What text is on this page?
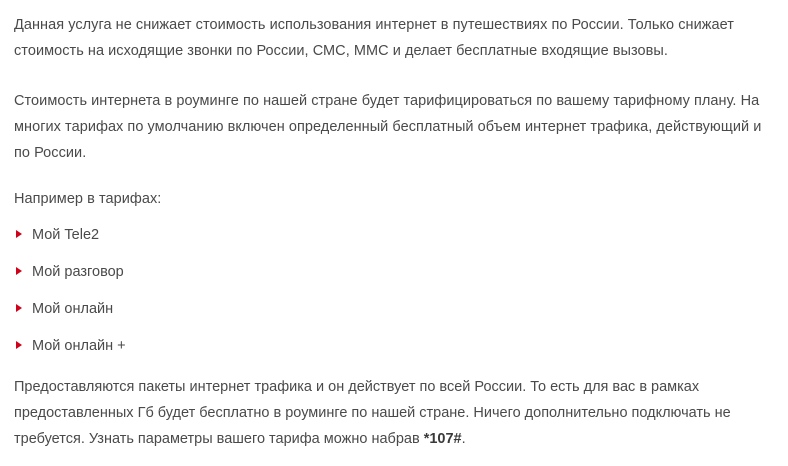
Данная услуга не снижает стоимость использования интернет в путешествиях по России. Только снижает стоимость на исходящие звонки по России, СМС, ММС и делает бесплатные входящие вызовы.

Стоимость интернета в роуминге по нашей стране будет тарифицироваться по вашему тарифному плану. На многих тарифах по умолчанию включен определенный бесплатный объем интернет трафика, действующий и по России.

Например в тарифах:

Мой Tele2
Мой разговор
Мой онлайн
Мой онлайн +

Предоставляются пакеты интернет трафика и он действует по всей России. То есть для вас в рамках предоставленных Гб будет бесплатно в роуминге по нашей стране. Ничего дополнительно подключать не требуется. Узнать параметры вашего тарифа можно набрав *107#.
